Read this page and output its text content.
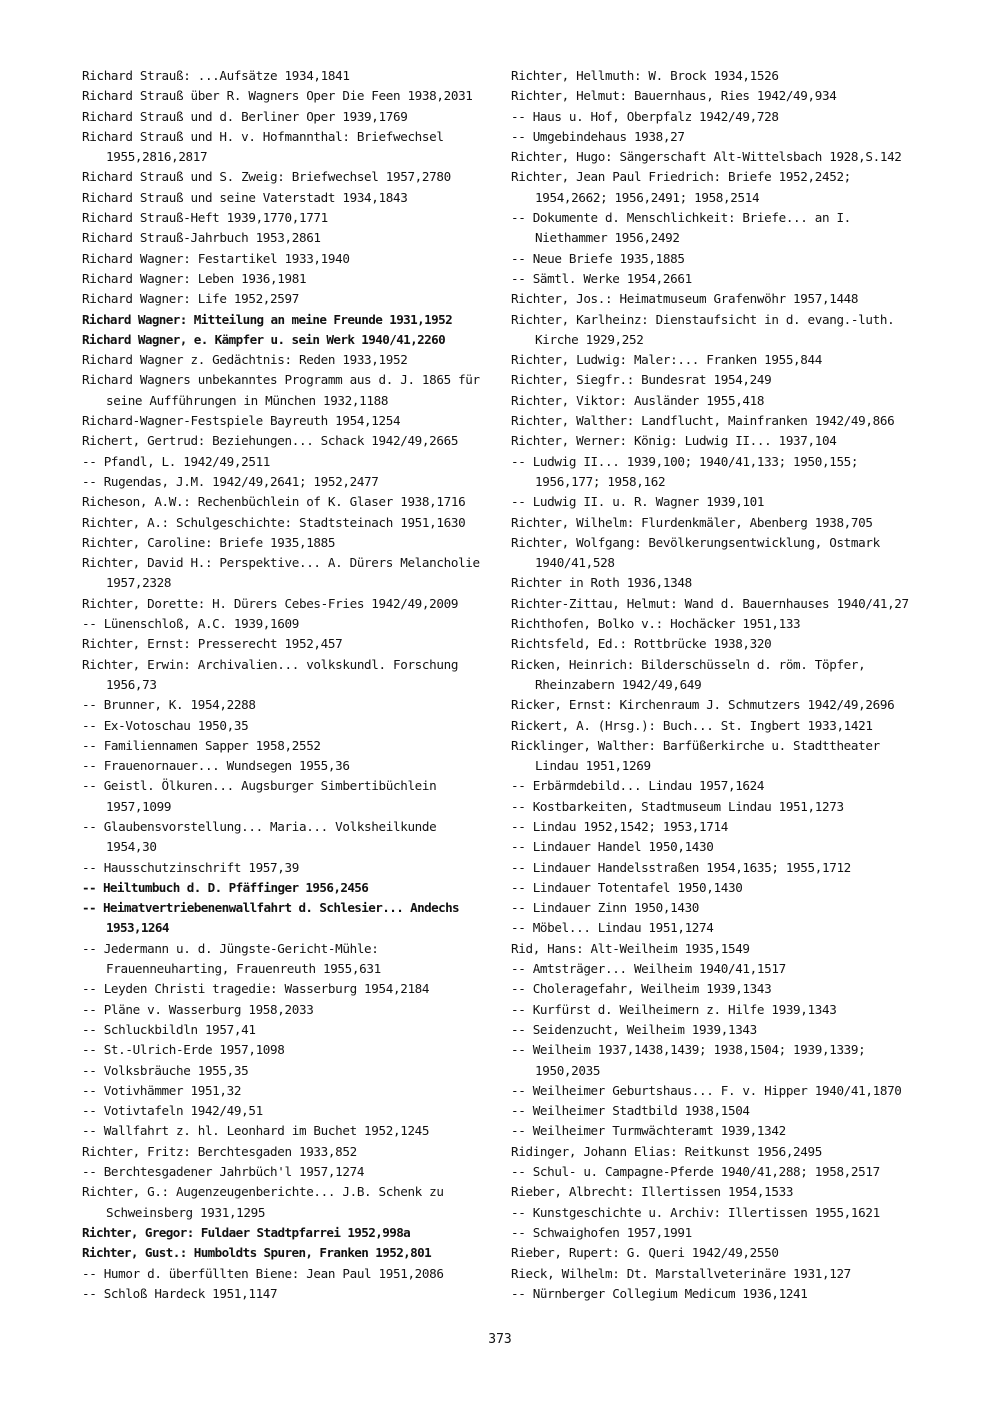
Richard Strauß: ...Aufsätze 1934,1841
Richard Strauß über R. Wagners Oper Die Feen 1938,2031
Richard Strauß und d. Berliner Oper 1939,1769
Richard Strauß und H. v. Hofmannthal: Briefwechsel 1955,2816,2817
Richard Strauß und S. Zweig: Briefwechsel 1957,2780
Richard Strauß und seine Vaterstadt 1934,1843
Richard Strauß-Heft 1939,1770,1771
Richard Strauß-Jahrbuch 1953,2861
Richard Wagner: Festartikel 1933,1940
Richard Wagner: Leben 1936,1981
Richard Wagner: Life 1952,2597
Richard Wagner: Mitteilung an meine Freunde 1931,1952
Richard Wagner, e. Kämpfer u. sein Werk 1940/41,2260
Richard Wagner z. Gedächtnis: Reden 1933,1952
Richard Wagners unbekanntes Programm aus d. J. 1865 für seine Aufführungen in München 1932,1188
Richard-Wagner-Festspiele Bayreuth 1954,1254
Richert, Gertrud: Beziehungen... Schack 1942/49,2665
-- Pfandl, L. 1942/49,2511
-- Rugendas, J.M. 1942/49,2641; 1952,2477
Richeson, A.W.: Rechenbüchlein of K. Glaser 1938,1716
Richter, A.: Schulgeschichte: Stadtsteinach 1951,1630
Richter, Caroline: Briefe 1935,1885
Richter, David H.: Perspektive... A. Dürers Melancholie 1957,2328
Richter, Dorette: H. Dürers Cebes-Fries 1942/49,2009
-- Lünenschloß, A.C. 1939,1609
Richter, Ernst: Presserecht 1952,457
Richter, Erwin: Archivalien... volkskundl. Forschung 1956,73
-- Brunner, K. 1954,2288
-- Ex-Votoschau 1950,35
-- Familiennamen Sapper 1958,2552
-- Frauenornauer... Wundsegen 1955,36
-- Geistl. Ölkuren... Augsburger Simbertibüchlein 1957,1099
-- Glaubensvorstellung... Maria... Volksheilkunde 1954,30
-- Hausschutzinschrift 1957,39
-- Heiltumbuch d. D. Pfäffinger 1956,2456
-- Heimatvertriebenenwallfahrt d. Schlesier... Andechs 1953,1264
-- Jedermann u. d. Jüngste-Gericht-Mühle: Frauenneuharting, Frauenreuth 1955,631
-- Leyden Christi tragedie: Wasserburg 1954,2184
-- Pläne v. Wasserburg 1958,2033
-- Schluckbildln 1957,41
-- St.-Ulrich-Erde 1957,1098
-- Volksbräuche 1955,35
-- Votivhämmer 1951,32
-- Votivtafeln 1942/49,51
-- Wallfahrt z. hl. Leonhard im Buchet 1952,1245
Richter, Fritz: Berchtesgaden 1933,852
-- Berchtesgadener Jahrbüch'l 1957,1274
Richter, G.: Augenzeugenberichte... J.B. Schenk zu Schweinsberg 1931,1295
Richter, Gregor: Fuldaer Stadtpfarrei 1952,998a
Richter, Gust.: Humboldts Spuren, Franken 1952,801
-- Humor d. überfüllten Biene: Jean Paul 1951,2086
-- Schloß Hardeck 1951,1147
Richter, Hellmuth: W. Brock 1934,1526
Richter, Helmut: Bauernhaus, Ries 1942/49,934
-- Haus u. Hof, Oberpfalz 1942/49,728
-- Umgebindehaus 1938,27
Richter, Hugo: Sängerschaft Alt-Wittelsbach 1928,S.142
Richter, Jean Paul Friedrich: Briefe 1952,2452; 1954,2662; 1956,2491; 1958,2514
-- Dokumente d. Menschlichkeit: Briefe... an I. Niethammer 1956,2492
-- Neue Briefe 1935,1885
-- Sämtl. Werke 1954,2661
Richter, Jos.: Heimatmuseum Grafenwöhr 1957,1448
Richter, Karlheinz: Dienstaufsicht in d. evang.-luth. Kirche 1929,252
Richter, Ludwig: Maler:... Franken 1955,844
Richter, Siegfr.: Bundesrat 1954,249
Richter, Viktor: Ausländer 1955,418
Richter, Walther: Landflucht, Mainfranken 1942/49,866
Richter, Werner: König: Ludwig II... 1937,104
-- Ludwig II... 1939,100; 1940/41,133; 1950,155; 1956,177; 1958,162
-- Ludwig II. u. R. Wagner 1939,101
Richter, Wilhelm: Flurdenkmäler, Abenberg 1938,705
Richter, Wolfgang: Bevölkerungsentwicklung, Ostmark 1940/41,528
Richter in Roth 1936,1348
Richter-Zittau, Helmut: Wand d. Bauernhauses 1940/41,27
Richthofen, Bolko v.: Hochäcker 1951,133
Richtsfeld, Ed.: Rottbrücke 1938,320
Ricken, Heinrich: Bilderschüsseln d. röm. Töpfer, Rheinzabern 1942/49,649
Ricker, Ernst: Kirchenraum J. Schmutzers 1942/49,2696
Rickert, A. (Hrsg.): Buch... St. Ingbert 1933,1421
Ricklinger, Walther: Barfüßerkirche u. Stadttheater Lindau 1951,1269
-- Erbärmdebild... Lindau 1957,1624
-- Kostbarkeiten, Stadtmuseum Lindau 1951,1273
-- Lindau 1952,1542; 1953,1714
-- Lindauer Handel 1950,1430
-- Lindauer Handelsstraßen 1954,1635; 1955,1712
-- Lindauer Totentafel 1950,1430
-- Lindauer Zinn 1950,1430
-- Möbel... Lindau 1951,1274
Rid, Hans: Alt-Weilheim 1935,1549
-- Amtsträger... Weilheim 1940/41,1517
-- Choleragefahr, Weilheim 1939,1343
-- Kurfürst d. Weilheimern z. Hilfe 1939,1343
-- Seidenzucht, Weilheim 1939,1343
-- Weilheim 1937,1438,1439; 1938,1504; 1939,1339; 1950,2035
-- Weilheimer Geburtshaus... F. v. Hipper 1940/41,1870
-- Weilheimer Stadtbild 1938,1504
-- Weilheimer Turmwächteramt 1939,1342
Ridinger, Johann Elias: Reitkunst 1956,2495
-- Schul- u. Campagne-Pferde 1940/41,288; 1958,2517
Rieber, Albrecht: Illertissen 1954,1533
-- Kunstgeschichte u. Archiv: Illertissen 1955,1621
-- Schwaighofen 1957,1991
Rieber, Rupert: G. Queri 1942/49,2550
Rieck, Wilhelm: Dt. Marstallveterinäre 1931,127
-- Nürnberger Collegium Medicum 1936,1241
373
